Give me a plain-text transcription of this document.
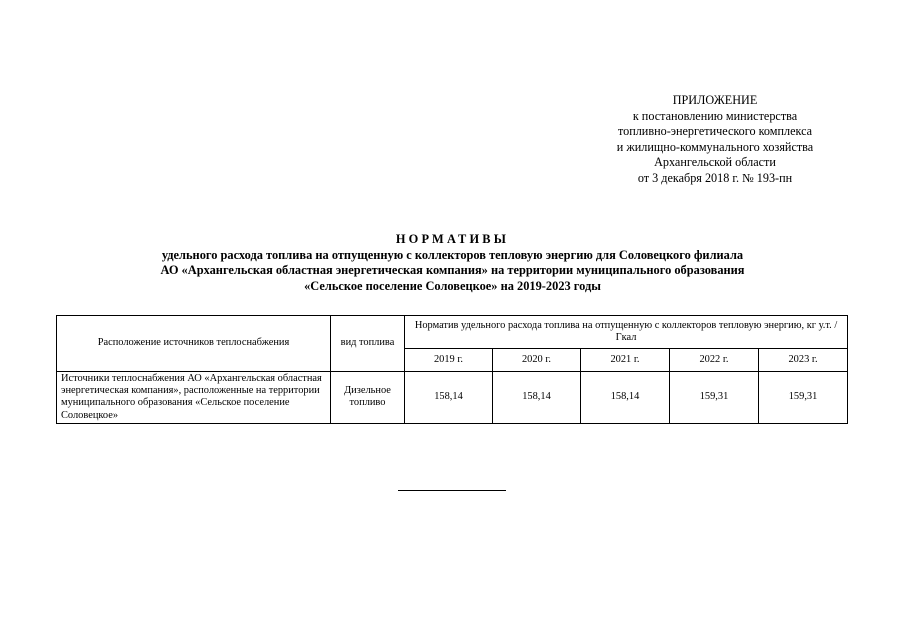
ПРИЛОЖЕНИЕ
к постановлению министерства
топливно-энергетического комплекса
и жилищно-коммунального хозяйства
Архангельской области
от 3 декабря 2018 г. № 193-пн
НОРМАТИВЫ
удельного расхода топлива на отпущенную с коллекторов тепловую энергию для Соловецкого филиала
АО «Архангельская областная энергетическая компания» на территории муниципального образования
«Сельское поселение Соловецкое» на 2019-2023 годы
Расположение источников теплоснабжения	вид топлива	Норматив удельного расхода топлива на отпущенную с коллекторов тепловую энергию, кг у.т. /Гкал				
		2019 г.	2020 г.	2021 г.	2022 г.	2023 г.
Источники теплоснабжения АО «Архангельская областная энергетическая компания», расположенные на территории муниципального образования «Сельское поселение Соловецкое»	Дизельное топливо	158,14	158,14	158,14	159,31	159,31
